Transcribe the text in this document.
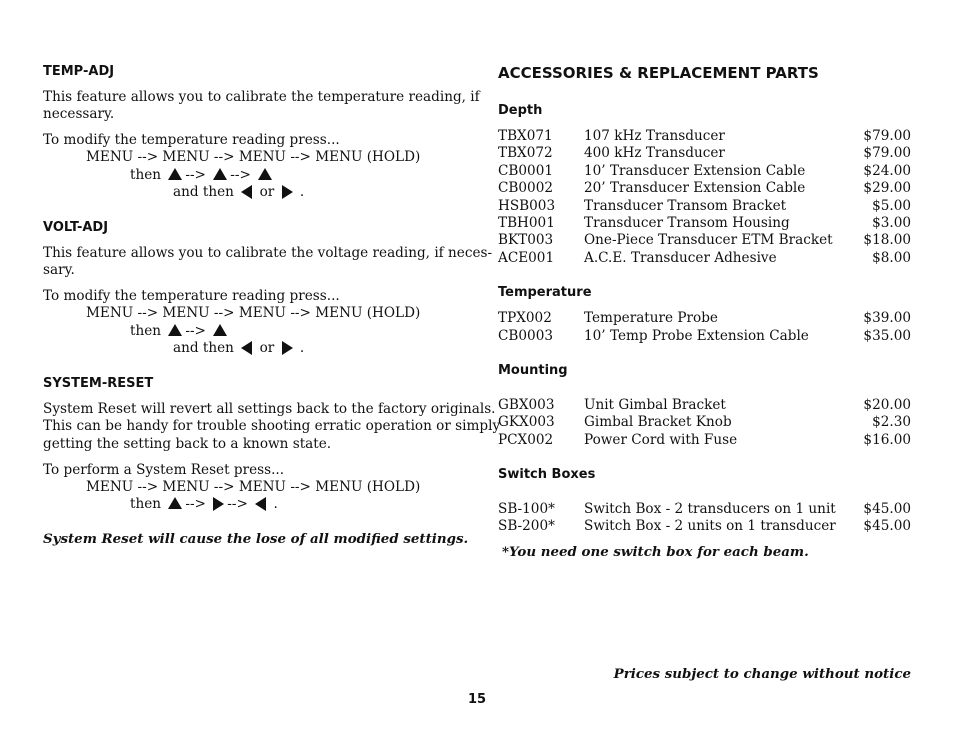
TEMP-ADJ
This feature allows you to calibrate the temperature reading, if
necessary.
To modify the temperature reading press...
MENU --> MENU --> MENU --> MENU (HOLD)
then --> -->
and then or .
VOLT-ADJ
This feature allows you to calibrate the voltage reading, if neces-
sary.
To modify the temperature reading press...
MENU --> MENU --> MENU --> MENU (HOLD)
then -->
and then or .
SYSTEM-RESET
System Reset will revert all settings back to the factory originals.
This can be handy for trouble shooting erratic operation or simply
getting the setting back to a known state.
To perform a System Reset press...
MENU --> MENU --> MENU --> MENU (HOLD)
then --> --> .
System Reset will cause the lose of all modified settings.
ACCESSORIES & REPLACEMENT PARTS
Depth
TBX071 107 kHz Transducer	$79.00
TBX072 400 kHz Transducer	$79.00
CB0001 10’ Transducer Extension Cable	$24.00
CB0002 20’ Transducer Extension Cable	$29.00
HSB003 Transducer Transom Bracket	$5.00
TBH001 Transducer Transom Housing	$3.00
BKT003 One-Piece Transducer ETM Bracket $18.00
ACE001 A.C.E. Transducer Adhesive	$8.00
Temperature
TPX002 Temperature Probe	$39.00
CB0003 10’ Temp Probe Extension Cable	$35.00
Mounting
GBX003 Unit Gimbal Bracket	$20.00
GKX003 Gimbal Bracket Knob	$2.30
PCX002 Power Cord with Fuse	$16.00
Switch Boxes
SB-100* Switch Box - 2 transducers on 1 unit $45.00
SB-200* Switch Box - 2 units on 1 transducer $45.00
*You need one switch box for each beam.
Prices subject to change without notice
15
